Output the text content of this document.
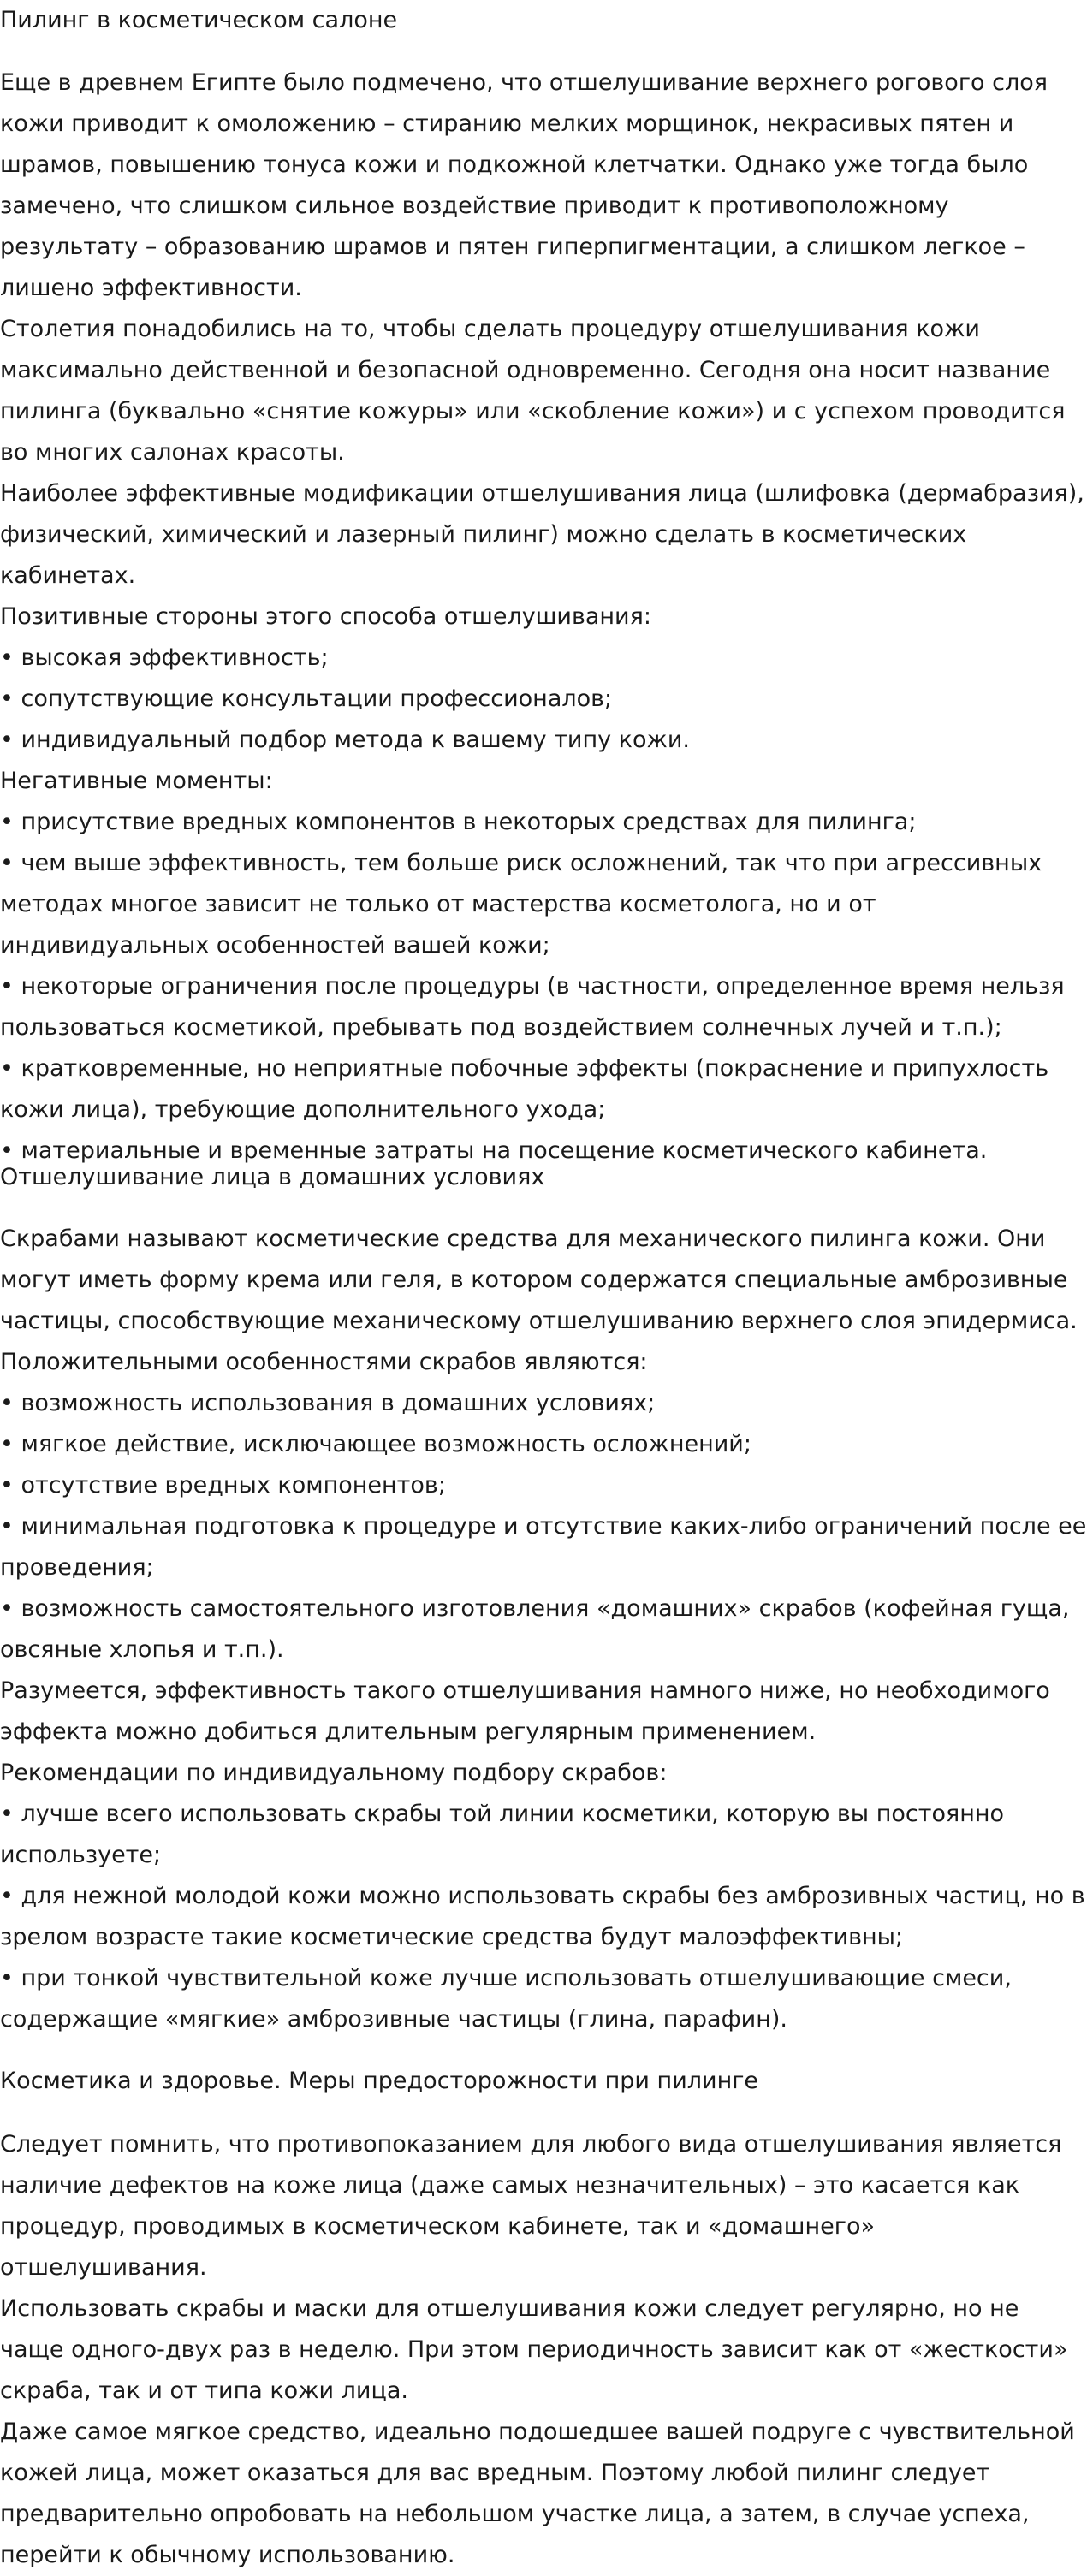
Пилинг в косметическом салоне

Еще в древнем Египте было подмечено, что отшелушивание верхнего рогового слоя кожи приводит к омоложению – стиранию мелких морщинок, некрасивых пятен и шрамов, повышению тонуса кожи и подкожной клетчатки. Однако уже тогда было замечено, что слишком сильное воздействие приводит к противоположному результату – образованию шрамов и пятен гиперпигментации, а слишком легкое – лишено эффективности.

Столетия понадобились на то, чтобы сделать процедуру отшелушивания кожи максимально действенной и безопасной одновременно. Сегодня она носит название пилинга (буквально «снятие кожуры» или «скобление кожи») и с успехом проводится во многих салонах красоты.

Наиболее эффективные модификации отшелушивания лица (шлифовка (дермабразия), физический, химический и лазерный пилинг) можно сделать в косметических кабинетах.

Позитивные стороны этого способа отшелушивания:

• высокая эффективность;

• сопутствующие консультации профессионалов;

• индивидуальный подбор метода к вашему типу кожи.

Негативные моменты:

• присутствие вредных компонентов в некоторых средствах для пилинга;

• чем выше эффективность, тем больше риск осложнений, так что при агрессивных методах многое зависит не только от мастерства косметолога, но и от индивидуальных особенностей вашей кожи;

• некоторые ограничения после процедуры (в частности, определенное время нельзя пользоваться косметикой, пребывать под воздействием солнечных лучей и т.п.);

• кратковременные, но неприятные побочные эффекты (покраснение и припухлость кожи лица), требующие дополнительного ухода;

• материальные и временные затраты на посещение косметического кабинета.

Отшелушивание лица в домашних условиях

Скрабами называют косметические средства для механического пилинга кожи. Они могут иметь форму крема или геля, в котором содержатся специальные амброзивные частицы, способствующие механическому отшелушиванию верхнего слоя эпидермиса.

Положительными особенностями скрабов являются:

• возможность использования в домашних условиях;

• мягкое действие, исключающее возможность осложнений;

• отсутствие вредных компонентов;

• минимальная подготовка к процедуре и отсутствие каких-либо ограничений после ее проведения;

• возможность самостоятельного изготовления «домашних» скрабов (кофейная гуща, овсяные хлопья и т.п.).

Разумеется, эффективность такого отшелушивания намного ниже, но необходимого эффекта можно добиться длительным регулярным применением.

Рекомендации по индивидуальному подбору скрабов:

• лучше всего использовать скрабы той линии косметики, которую вы постоянно используете;

• для нежной молодой кожи можно использовать скрабы без амброзивных частиц, но в зрелом возрасте такие косметические средства будут малоэффективны;

• при тонкой чувствительной коже лучше использовать отшелушивающие смеси, содержащие «мягкие» амброзивные частицы (глина, парафин).

Косметика и здоровье. Меры предосторожности при пилинге

Следует помнить, что противопоказанием для любого вида отшелушивания является наличие дефектов на коже лица (даже самых незначительных) – это касается как процедур, проводимых в косметическом кабинете, так и «домашнего» отшелушивания.

Использовать скрабы и маски для отшелушивания кожи следует регулярно, но не чаще одного-двух раз в неделю. При этом периодичность зависит как от «жесткости» скраба, так и от типа кожи лица.

Даже самое мягкое средство, идеально подошедшее вашей подруге с чувствительной кожей лица, может оказаться для вас вредным. Поэтому любой пилинг следует предварительно опробовать на небольшом участке лица, а затем, в случае успеха, перейти к обычному использованию.
